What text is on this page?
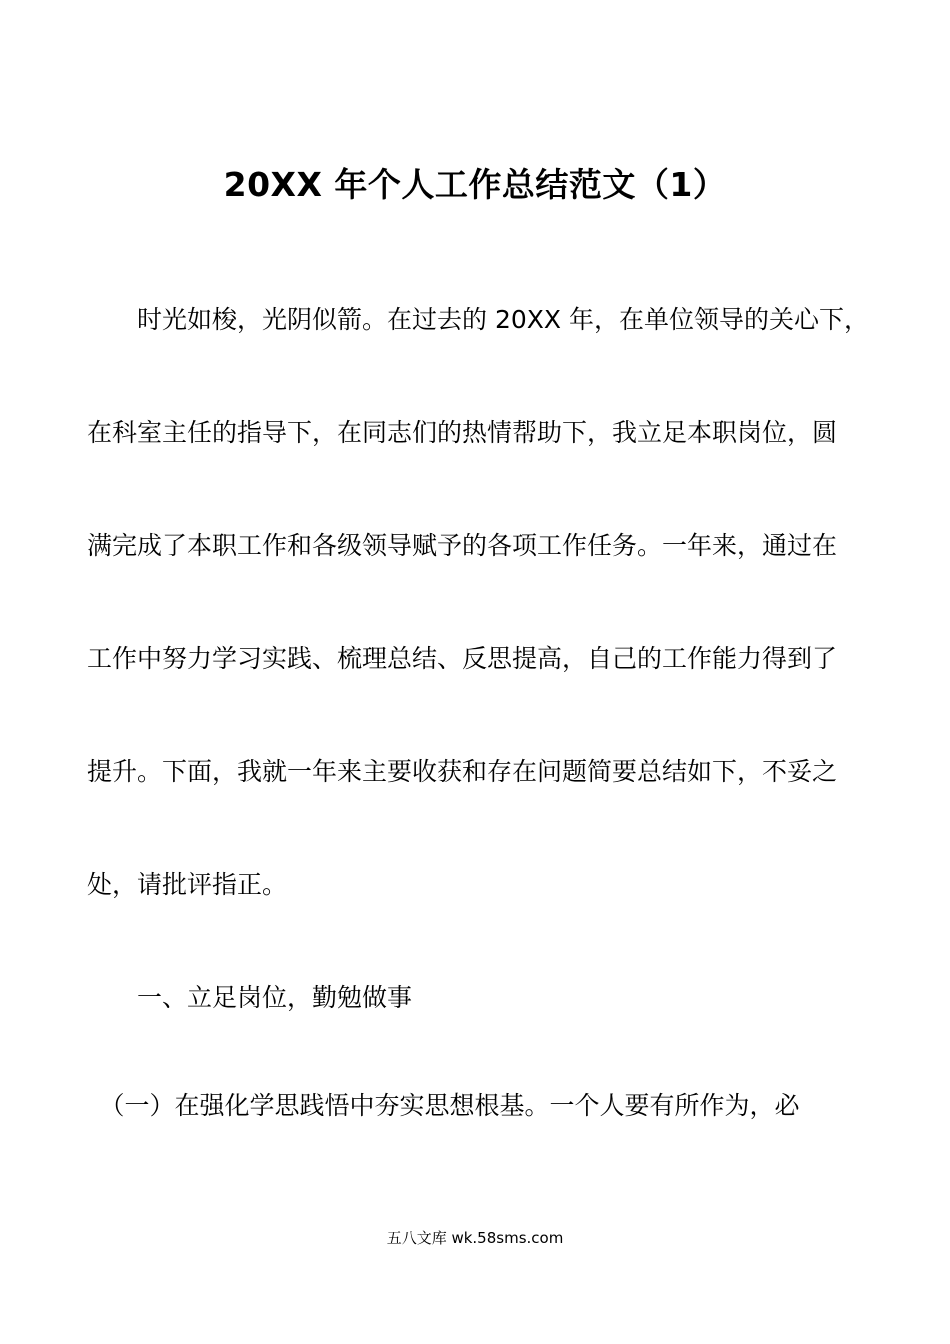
20XX 年个人工作总结范文（1）
　　时光如梭，光阴似箭。在过去的 20XX 年，在单位领导的关心下，
在科室主任的指导下，在同志们的热情帮助下，我立足本职岗位，圆
满完成了本职工作和各级领导赋予的各项工作任务。一年来，通过在
工作中努力学习实践、梳理总结、反思提高，自己的工作能力得到了
提升。下面，我就一年来主要收获和存在问题简要总结如下，不妥之
处，请批评指正。
　　一、立足岗位，勤勉做事
　（一）在强化学思践悟中夯实思想根基。一个人要有所作为，必
五八文库 wk.58sms.com
